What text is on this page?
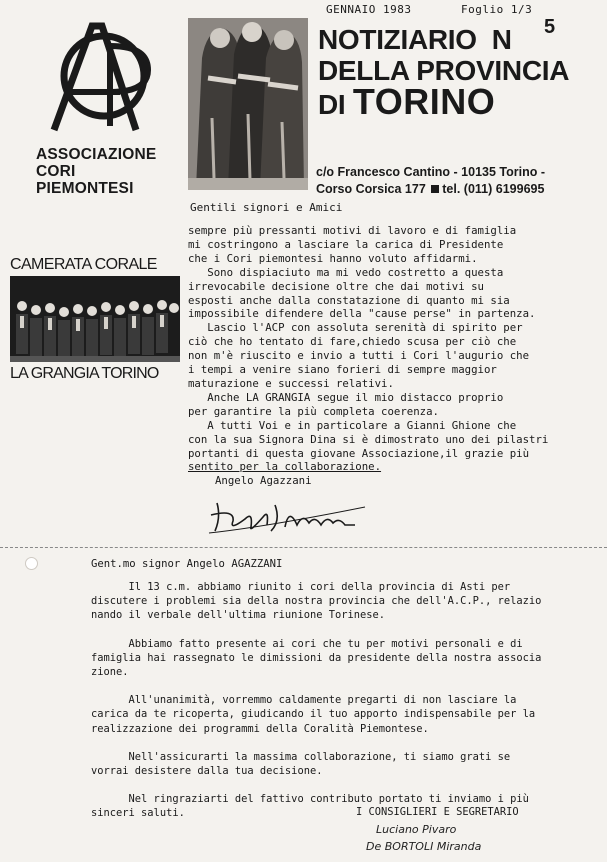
ASSOCIAZIONE
CORI
PIEMONTESI
GENNAIO 1983	Foglio 1/3
NOTIZIARIO N
DELLA PROVINCIA
DI TORINO
5
c/o Francesco Cantino - 10135 Torino -
Corso Corsica 177 tel. (011) 6199695
CAMERATA CORALE
LA GRANGIA TORINO
Gentili signori e Amici

sempre più pressanti motivi di lavoro e di famiglia

mi costringono a lasciare la carica di Presidente

che i Cori piemontesi hanno voluto affidarmi.

Sono dispiaciuto ma mi vedo costretto a questa

irrevocabile decisione oltre che dai motivi su

esposti anche dalla constatazione di quanto mi sia

impossibile difendere della "cause perse" in partenza.

Lascio l'ACP con assoluta serenità di spirito per

ciò che ho tentato di fare,chiedo scusa per ciò che

non m'è riuscito e invio a tutti i Cori l'augurio che

i tempi a venire siano forieri di sempre maggior

maturazione e successi relativi.

Anche LA GRANGIA segue il mio distacco proprio

per garantire la più completa coerenza.

A tutti Voi e in particolare a Gianni Ghione che

con la sua Signora Dina si è dimostrato uno dei pilastri

portanti di questa giovane Associazione,il grazie più

sentito per la collaborazione.

Angelo Agazzani

Gent.mo signor Angelo AGAZZANI

Il 13 c.m. abbiamo riunito i cori della provincia di Asti per
discutere i problemi sia della nostra provincia che dell'A.C.P., relazio
nando il verbale dell'ultima riunione Torinese.

Abbiamo fatto presente ai cori che tu per motivi personali e di
famiglia hai rassegnato le dimissioni da presidente della nostra associa
zione.

All'unanimità, vorremmo caldamente pregarti di non lasciare la
carica da te ricoperta, giudicando il tuo apporto indispensabile per la
realizzazione dei programmi della Coralità Piemontese.

Nell'assicurarti la massima collaborazione, ti siamo grati se
vorrai desistere dalla tua decisione.

Nel ringraziarti del fattivo contributo portato ti inviamo i più
sinceri saluti.	I CONSIGLIERI E SEGRETARIO
Luciano Pivaro
De BORTOLI Miranda
